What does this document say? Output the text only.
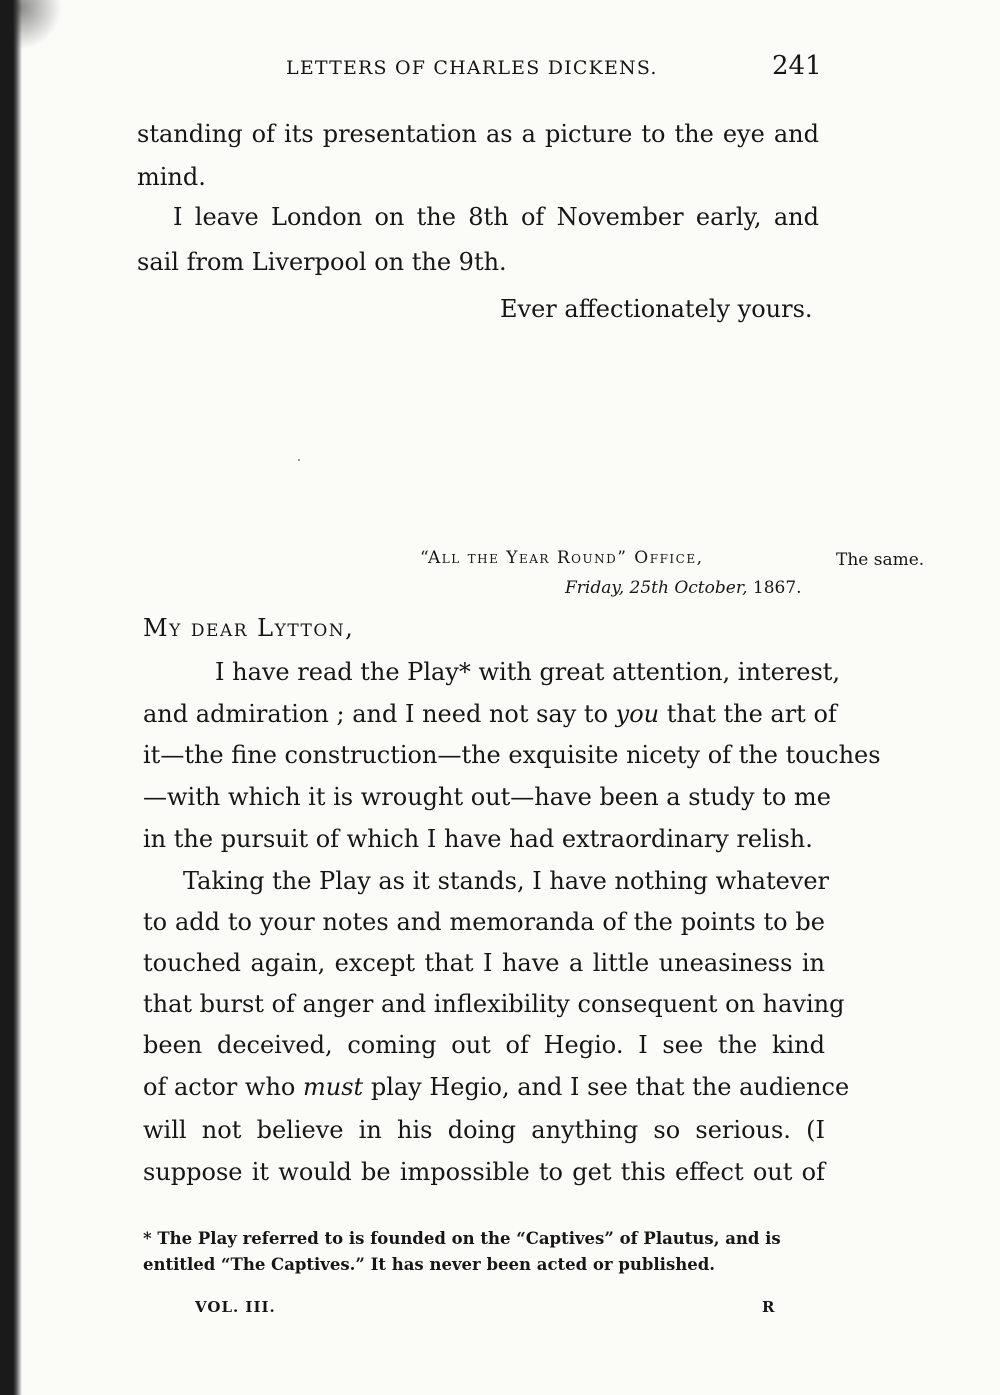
LETTERS OF CHARLES DICKENS.	241

standing of its presentation as a picture to the eye and

mind.

I leave London on the 8th of November early, and

sail from Liverpool on the 9th.

Ever affectionately yours.

“All the Year Round” Office,
Friday, 25th October, 1867.
The same.
My dear Lytton,

I have read the Play* with great attention, interest,

and admiration ; and I need not say to you that the art of

it—the fine construction—the exquisite nicety of the touches

—with which it is wrought out—have been a study to me

in the pursuit of which I have had extraordinary relish.

Taking the Play as it stands, I have nothing whatever

to add to your notes and memoranda of the points to be

touched again, except that I have a little uneasiness in

that burst of anger and inflexibility consequent on having

been deceived, coming out of Hegio. I see the kind

of actor who must play Hegio, and I see that the audience

will not believe in his doing anything so serious. (I

suppose it would be impossible to get this effect out of

* The Play referred to is founded on the “Captives” of Plautus, and is
entitled “The Captives.” It has never been acted or published.
VOL. III.	R
